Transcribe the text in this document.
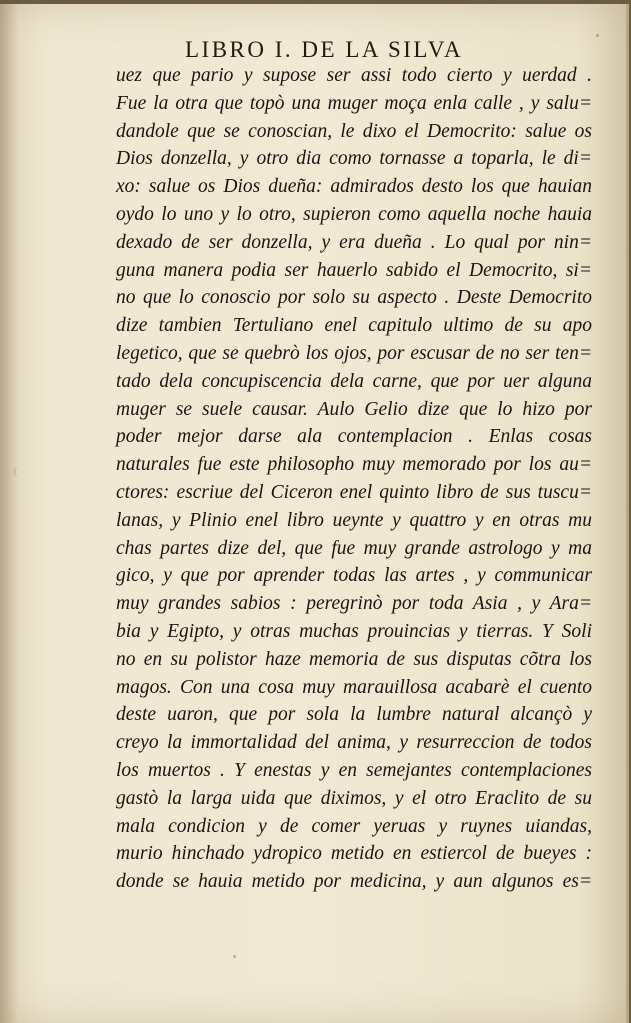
LIBRO I. DE LA SILVA
uez que pario y supose ser assi todo cierto y uerdad .
Fue la otra que topò una muger moça enla calle , y salu=
dandole que se conoscian, le dixo el Democrito: salue os
Dios donzella, y otro dia como tornasse a toparla, le di=
xo: salue os Dios dueña: admirados desto los que hauian
oydo lo uno y lo otro, supieron como aquella noche hauia
dexado de ser donzella, y era dueña . Lo qual por nin=
guna manera podia ser hauerlo sabido el Democrito, si=
no que lo conoscio por solo su aspecto . Deste Democrito
dize tambien Tertuliano enel capitulo ultimo de su apo
legetico, que se quebrò los ojos, por escusar de no ser ten=
tado dela concupiscencia dela carne, que por uer alguna
muger se suele causar. Aulo Gelio dize que lo hizo por
poder mejor darse ala contemplacion . Enlas cosas
naturales fue este philosopho muy memorado por los au=
ctores: escriue del Ciceron enel quinto libro de sus tuscu=
lanas, y Plinio enel libro ueynte y quattro y en otras mu
chas partes dize del, que fue muy grande astrologo y ma
gico, y que por aprender todas las artes , y communicar
muy grandes sabios : peregrinò por toda Asia , y Ara=
bia y Egipto, y otras muchas prouincias y tierras. Y Soli
no en su polistor haze memoria de sus disputas cõtra los
magos. Con una cosa muy marauillosa acabarè el cuento
deste uaron, que por sola la lumbre natural alcançò y
creyo la immortalidad del anima, y resurreccion de todos
los muertos . Y enestas y en semejantes contemplaciones
gastò la larga uida que diximos, y el otro Eraclito de su
mala condicion y de comer yeruas y ruynes uiandas,
murio hinchado ydropico metido en estiercol de bueyes :
donde se hauia metido por medicina, y aun algunos es=
